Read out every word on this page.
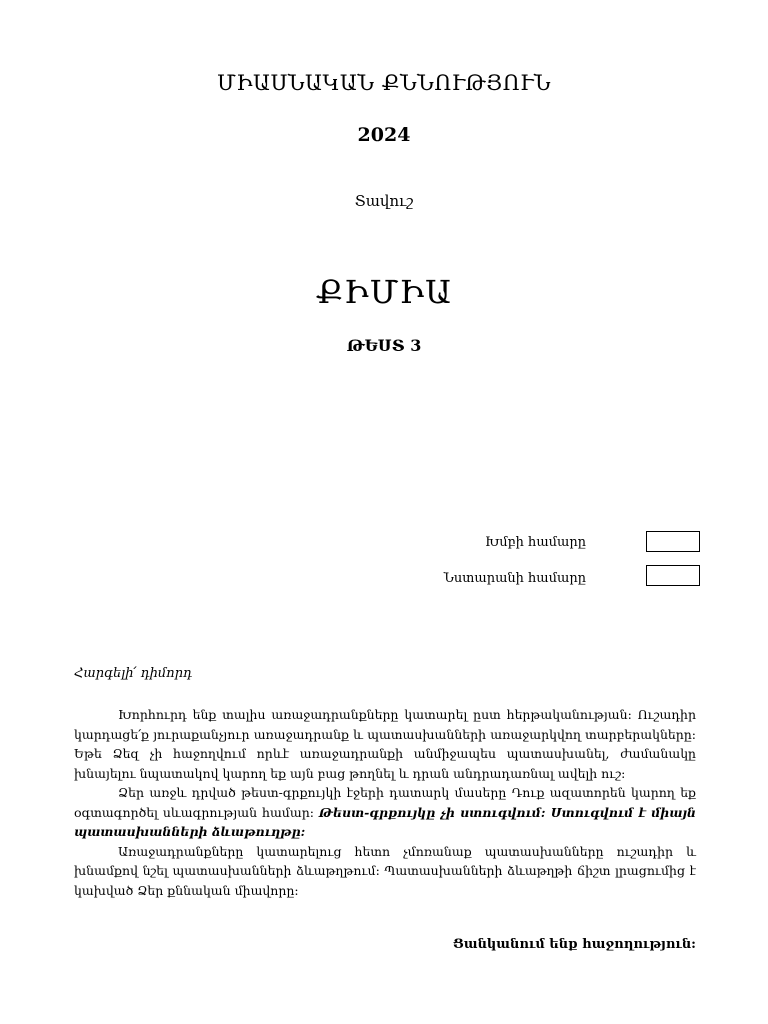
ՄԻԱՍՆԱԿԱՆ ՔՆՆՈՒԹՅՈՒՆ
2024
Տավուշ
ՔԻՄԻԱ
ԹԵՍՏ 3
Խմբի համարը
Նստարանի համարը
Հարգելի՛ դիմորդ

Խորհուրդ ենք տալիս առաջադրանքները կատարել ըստ հերթականության: Ուշադիր կարդացե՛ք յուրաքանչյուր առաջադրանք և պատասխանների առաջարկվող տարբերակները: Եթե Ձեզ չի հաջողվում որևէ առաջադրանքի անմիջապես պատասխանել, ժամանակը խնայելու նպատակով կարող եք այն բաց թողնել և դրան անդրադառնալ ավելի ուշ:

Ձեր առջև դրված թեստ-գրքույկի էջերի դատարկ մասերը Դուք ազատորեն կարող եք օգտագործել սևագրության համար: Թեստ-գրքույկը չի ստուգվում: Ստուգվում է միայն պատասխանների ձևաթուղթը:

Առաջադրանքները կատարելուց հետո չմոռանաք պատասխանները ուշադիր և խնամքով նշել պատասխանների ձևաթղթում: Պատասխանների ձևաթղթի ճիշտ լրացումից է կախված Ձեր քննական միավորը:

Ցանկանում ենք հաջողություն:
